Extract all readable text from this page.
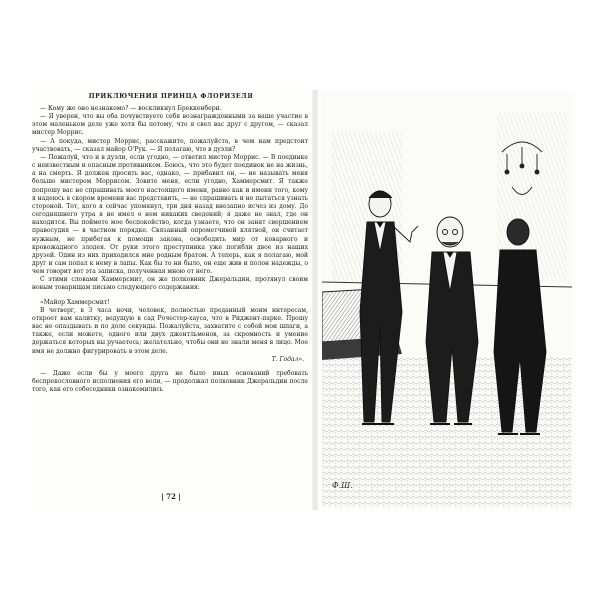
ПРИКЛЮЧЕНИЯ ПРИНЦА ФЛОРИЗЕЛЯ

— Кому же оно незнакомо? — воскликнул Бреккенбери.

— Я уверен, что вы оба почувствуете себя вознагражденными за ваше участие в этом маленьком деле уже хотя бы потому, что я свел вас друг с другом, — сказал мистер Моррис.

— А покуда, мистер Моррис, расскажите, пожалуйста, в чем нам предстоит участвовать, — сказал майор О'Рук. — Я полагаю, что в дуэли?

— Пожалуй, что и в дуэли, если угодно, — ответил мистер Моррис. — В поединке с неизвестным и опасным противником. Боюсь, что это будет поединок не на жизнь, а на смерть. Я должен просить вас, однако, — прибавил он, — не называть меня больше мистером Моррисом. Зовите меня, если угодно, Хаммерсмит. Я также попрошу вас не спрашивать моего настоящего имени, равно как и имени того, кому я надеюсь в скором времени вас представить, — не спрашивать и не пытаться узнать стороной. Тот, кого я сейчас упомянул, три дня назад внезапно исчез из дому. До сегодняшнего утра я не имел о нем никаких сведений; я даже не знал, где он находится. Вы поймете мое беспокойство, когда узнаете, что он занят свершением правосудия — в частном порядке. Связанный опрометчивой клятвой, он считает нужным, не прибегая к помощи закона, освободить мир от коварного и кровожадного злодея. От руки этого преступника уже погибли двое из наших друзей. Один из них приходился мне родным братом. А теперь, как я полагаю, мой друг и сам попал к нему в лапы. Как бы то ни было, он еще жив и полон надежды, о чем говорит вот эта записка, полученная мною от него.

С этими словами Хаммерсмит, он же полковник Джеральдин, протянул своим новым товарищам письмо следующего содержания:

«Майор Хаммерсмит!

В четверг, в 3 часа ночи, человек, полностью преданный моим интересам, откроет вам калитку, ведущую в сад Рочестер-хауса, что в Риджент-парке. Прошу вас не опаздывать и по доле секунды. Пожалуйста, захватите с собой мои шпаги, а также, если можете, одного или двух джентльменов, за скромность и умение держаться которых вы ручаетесь; желательно, чтобы они не знали меня в лицо. Мое имя не должно фигурировать в этом деле.

Т. Годал».

— Даже если бы у моего друга не было иных оснований требовать беспрекословного исполнения его воли, — продолжал полковник Джеральдин после того, как его собеседники ознакомились

| 72 |
Ф.Ш.
